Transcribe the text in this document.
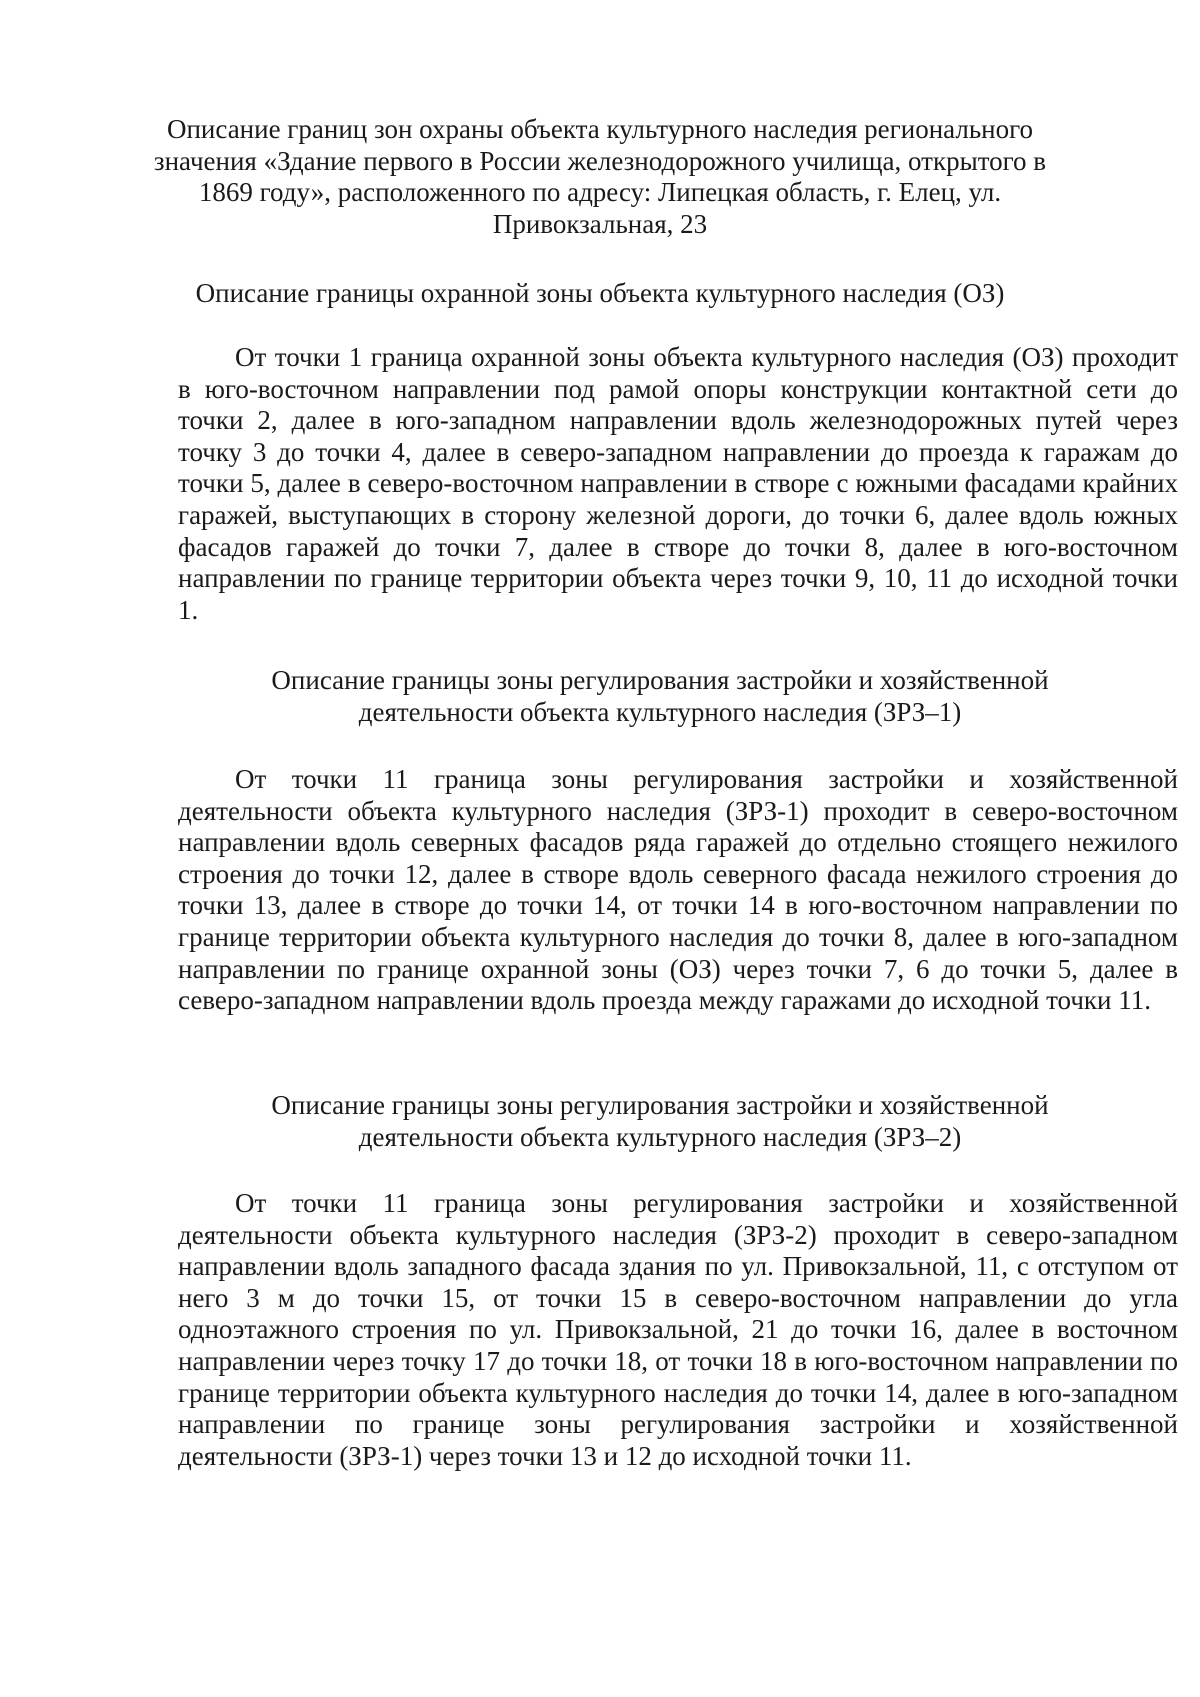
Описание границ зон охраны объекта культурного наследия регионального значения «Здание первого в России железнодорожного училища, открытого в 1869 году», расположенного по адресу: Липецкая область, г. Елец, ул. Привокзальная, 23
Описание границы охранной зоны объекта культурного наследия (ОЗ)

От точки 1 граница охранной зоны объекта культурного наследия (ОЗ) проходит в юго-восточном направлении под рамой опоры конструкции контактной сети до точки 2, далее в юго-западном направлении вдоль железнодорожных путей через точку 3 до точки 4, далее в северо-западном направлении до проезда к гаражам до точки 5, далее в северо-восточном направлении в створе с южными фасадами крайних гаражей, выступающих в сторону железной дороги, до точки 6, далее вдоль южных фасадов гаражей до точки 7, далее в створе до точки 8, далее в юго-восточном направлении по границе территории объекта через точки 9, 10, 11 до исходной точки 1.

Описание границы зоны регулирования застройки и хозяйственной деятельности объекта культурного наследия (ЗРЗ–1)

От точки 11 граница зоны регулирования застройки и хозяйственной деятельности объекта культурного наследия (ЗРЗ-1) проходит в северо-восточном направлении вдоль северных фасадов ряда гаражей до отдельно стоящего нежилого строения до точки 12, далее в створе вдоль северного фасада нежилого строения до точки 13, далее в створе до точки 14, от точки 14 в юго-восточном направлении по границе территории объекта культурного наследия до точки 8, далее в юго-западном направлении по границе охранной зоны (ОЗ) через точки 7, 6 до точки 5, далее в северо-западном направлении вдоль проезда между гаражами до исходной точки 11.

Описание границы зоны регулирования застройки и хозяйственной деятельности объекта культурного наследия (ЗРЗ–2)

От точки 11 граница зоны регулирования застройки и хозяйственной деятельности объекта культурного наследия (ЗРЗ-2) проходит в северо-западном направлении вдоль западного фасада здания по ул. Привокзальной, 11, с отступом от него 3 м до точки 15, от точки 15 в северо-восточном направлении до угла одноэтажного строения по ул. Привокзальной, 21 до точки 16, далее в восточном направлении через точку 17 до точки 18, от точки 18 в юго-восточном направлении по границе территории объекта культурного наследия до точки 14, далее в юго-западном направлении по границе зоны регулирования застройки и хозяйственной деятельности (ЗРЗ-1) через точки 13 и 12 до исходной точки 11.
